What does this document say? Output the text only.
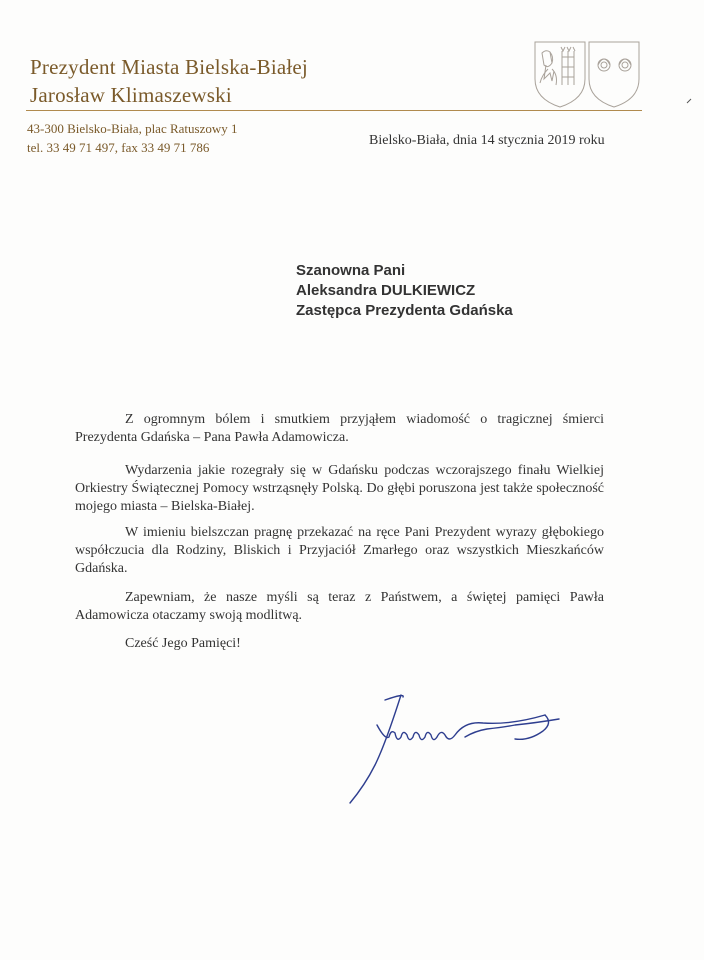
Prezydent Miasta Bielska-Białej
Jarosław Klimaszewski
43-300 Bielsko-Biała, plac Ratuszowy 1
tel. 33 49 71 497, fax 33 49 71 786	Bielsko-Biała, dnia 14 stycznia 2019 roku
Szanowna Pani
Aleksandra DULKIEWICZ
Zastępca Prezydenta Gdańska
Z ogromnym bólem i smutkiem przyjąłem wiadomość o tragicznej śmierci Prezydenta Gdańska – Pana Pawła Adamowicza.
Wydarzenia jakie rozegrały się w Gdańsku podczas wczorajszego finału Wielkiej Orkiestry Świątecznej Pomocy wstrząsnęły Polską. Do głębi poruszona jest także społeczność mojego miasta – Bielska-Białej.
W imieniu bielszczan pragnę przekazać na ręce Pani Prezydent wyrazy głębokiego współczucia dla Rodziny, Bliskich i Przyjaciół Zmarłego oraz wszystkich Mieszkańców Gdańska.
Zapewniam, że nasze myśli są teraz z Państwem, a świętej pamięci Pawła Adamowicza otaczamy swoją modlitwą.
Cześć Jego Pamięci!
